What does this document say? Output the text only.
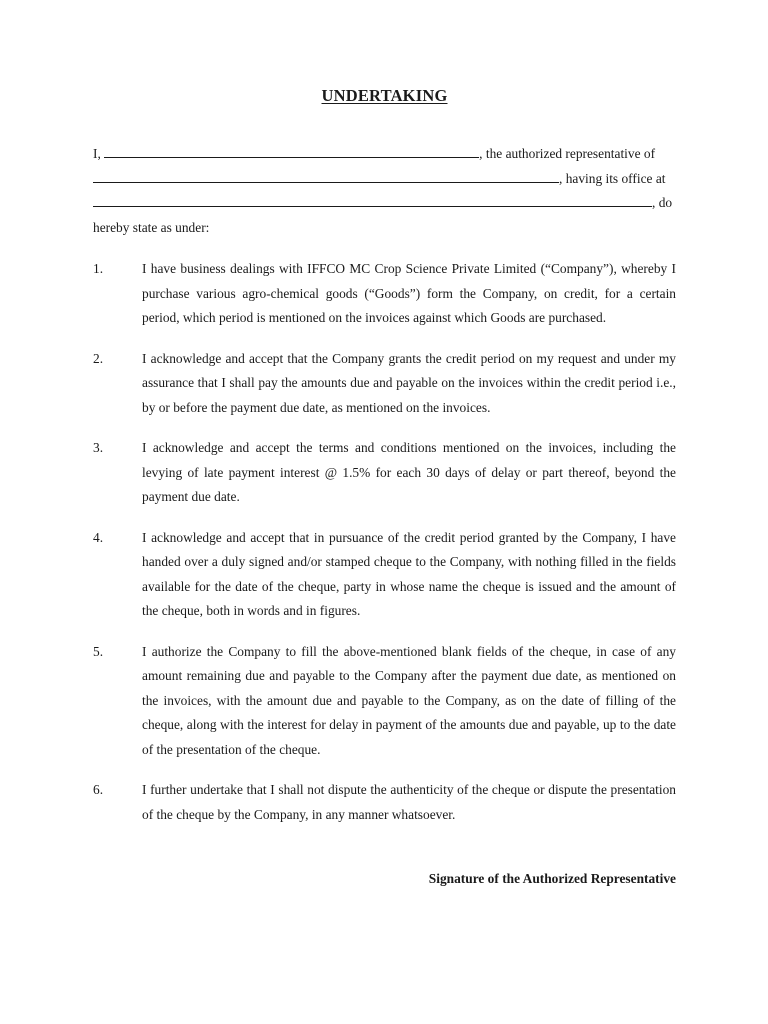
UNDERTAKING
I,	, the authorized representative of
, having its office at
, do
hereby state as under:
1.	I have business dealings with IFFCO MC Crop Science Private Limited (“Company”), whereby I purchase various agro-chemical goods (“Goods”) form the Company, on credit, for a certain period, which period is mentioned on the invoices against which Goods are purchased.
2.	I acknowledge and accept that the Company grants the credit period on my request and under my assurance that I shall pay the amounts due and payable on the invoices within the credit period i.e., by or before the payment due date, as mentioned on the invoices.
3.	I acknowledge and accept the terms and conditions mentioned on the invoices, including the levying of late payment interest @ 1.5% for each 30 days of delay or part thereof, beyond the payment due date.
4.	I acknowledge and accept that in pursuance of the credit period granted by the Company, I have handed over a duly signed and/or stamped cheque to the Company, with nothing filled in the fields available for the date of the cheque, party in whose name the cheque is issued and the amount of the cheque, both in words and in figures.
5.	I authorize the Company to fill the above-mentioned blank fields of the cheque, in case of any amount remaining due and payable to the Company after the payment due date, as mentioned on the invoices, with the amount due and payable to the Company, as on the date of filling of the cheque, along with the interest for delay in payment of the amounts due and payable, up to the date of the presentation of the cheque.
6.	I further undertake that I shall not dispute the authenticity of the cheque or dispute the presentation of the cheque by the Company, in any manner whatsoever.
Signature of the Authorized Representative
